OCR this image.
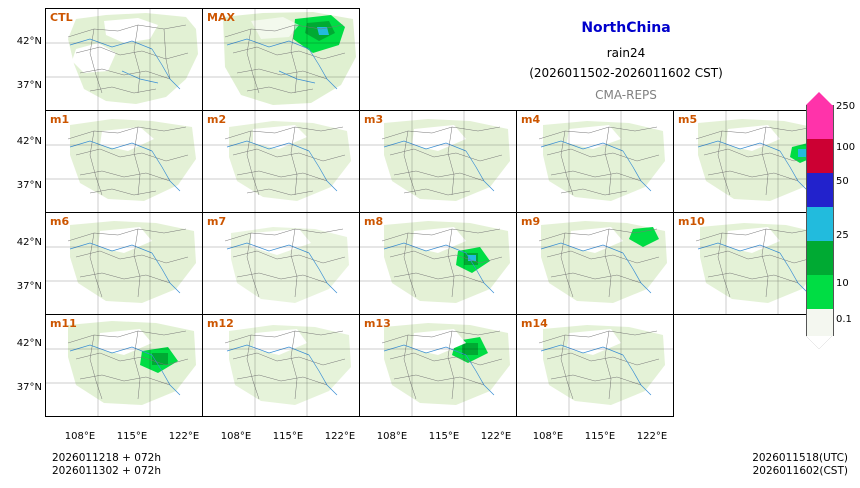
NorthChina
rain24
(2026011502-2026011602 CST)
CMA-REPS
CTL	MAX
m1	m2	m3	m4	m5
m6	m7	m8	m9	m10
m11	m12	m13	m14
42°N
37°N
42°N
37°N
42°N
37°N
42°N
37°N
108°E	115°E	122°E	108°E	115°E	122°E	108°E	115°E	122°E	108°E	115°E	122°E
250
100
50
25
10
0.1
2026011218 + 072h
2026011302 + 072h
2026011518(UTC)
2026011602(CST)
